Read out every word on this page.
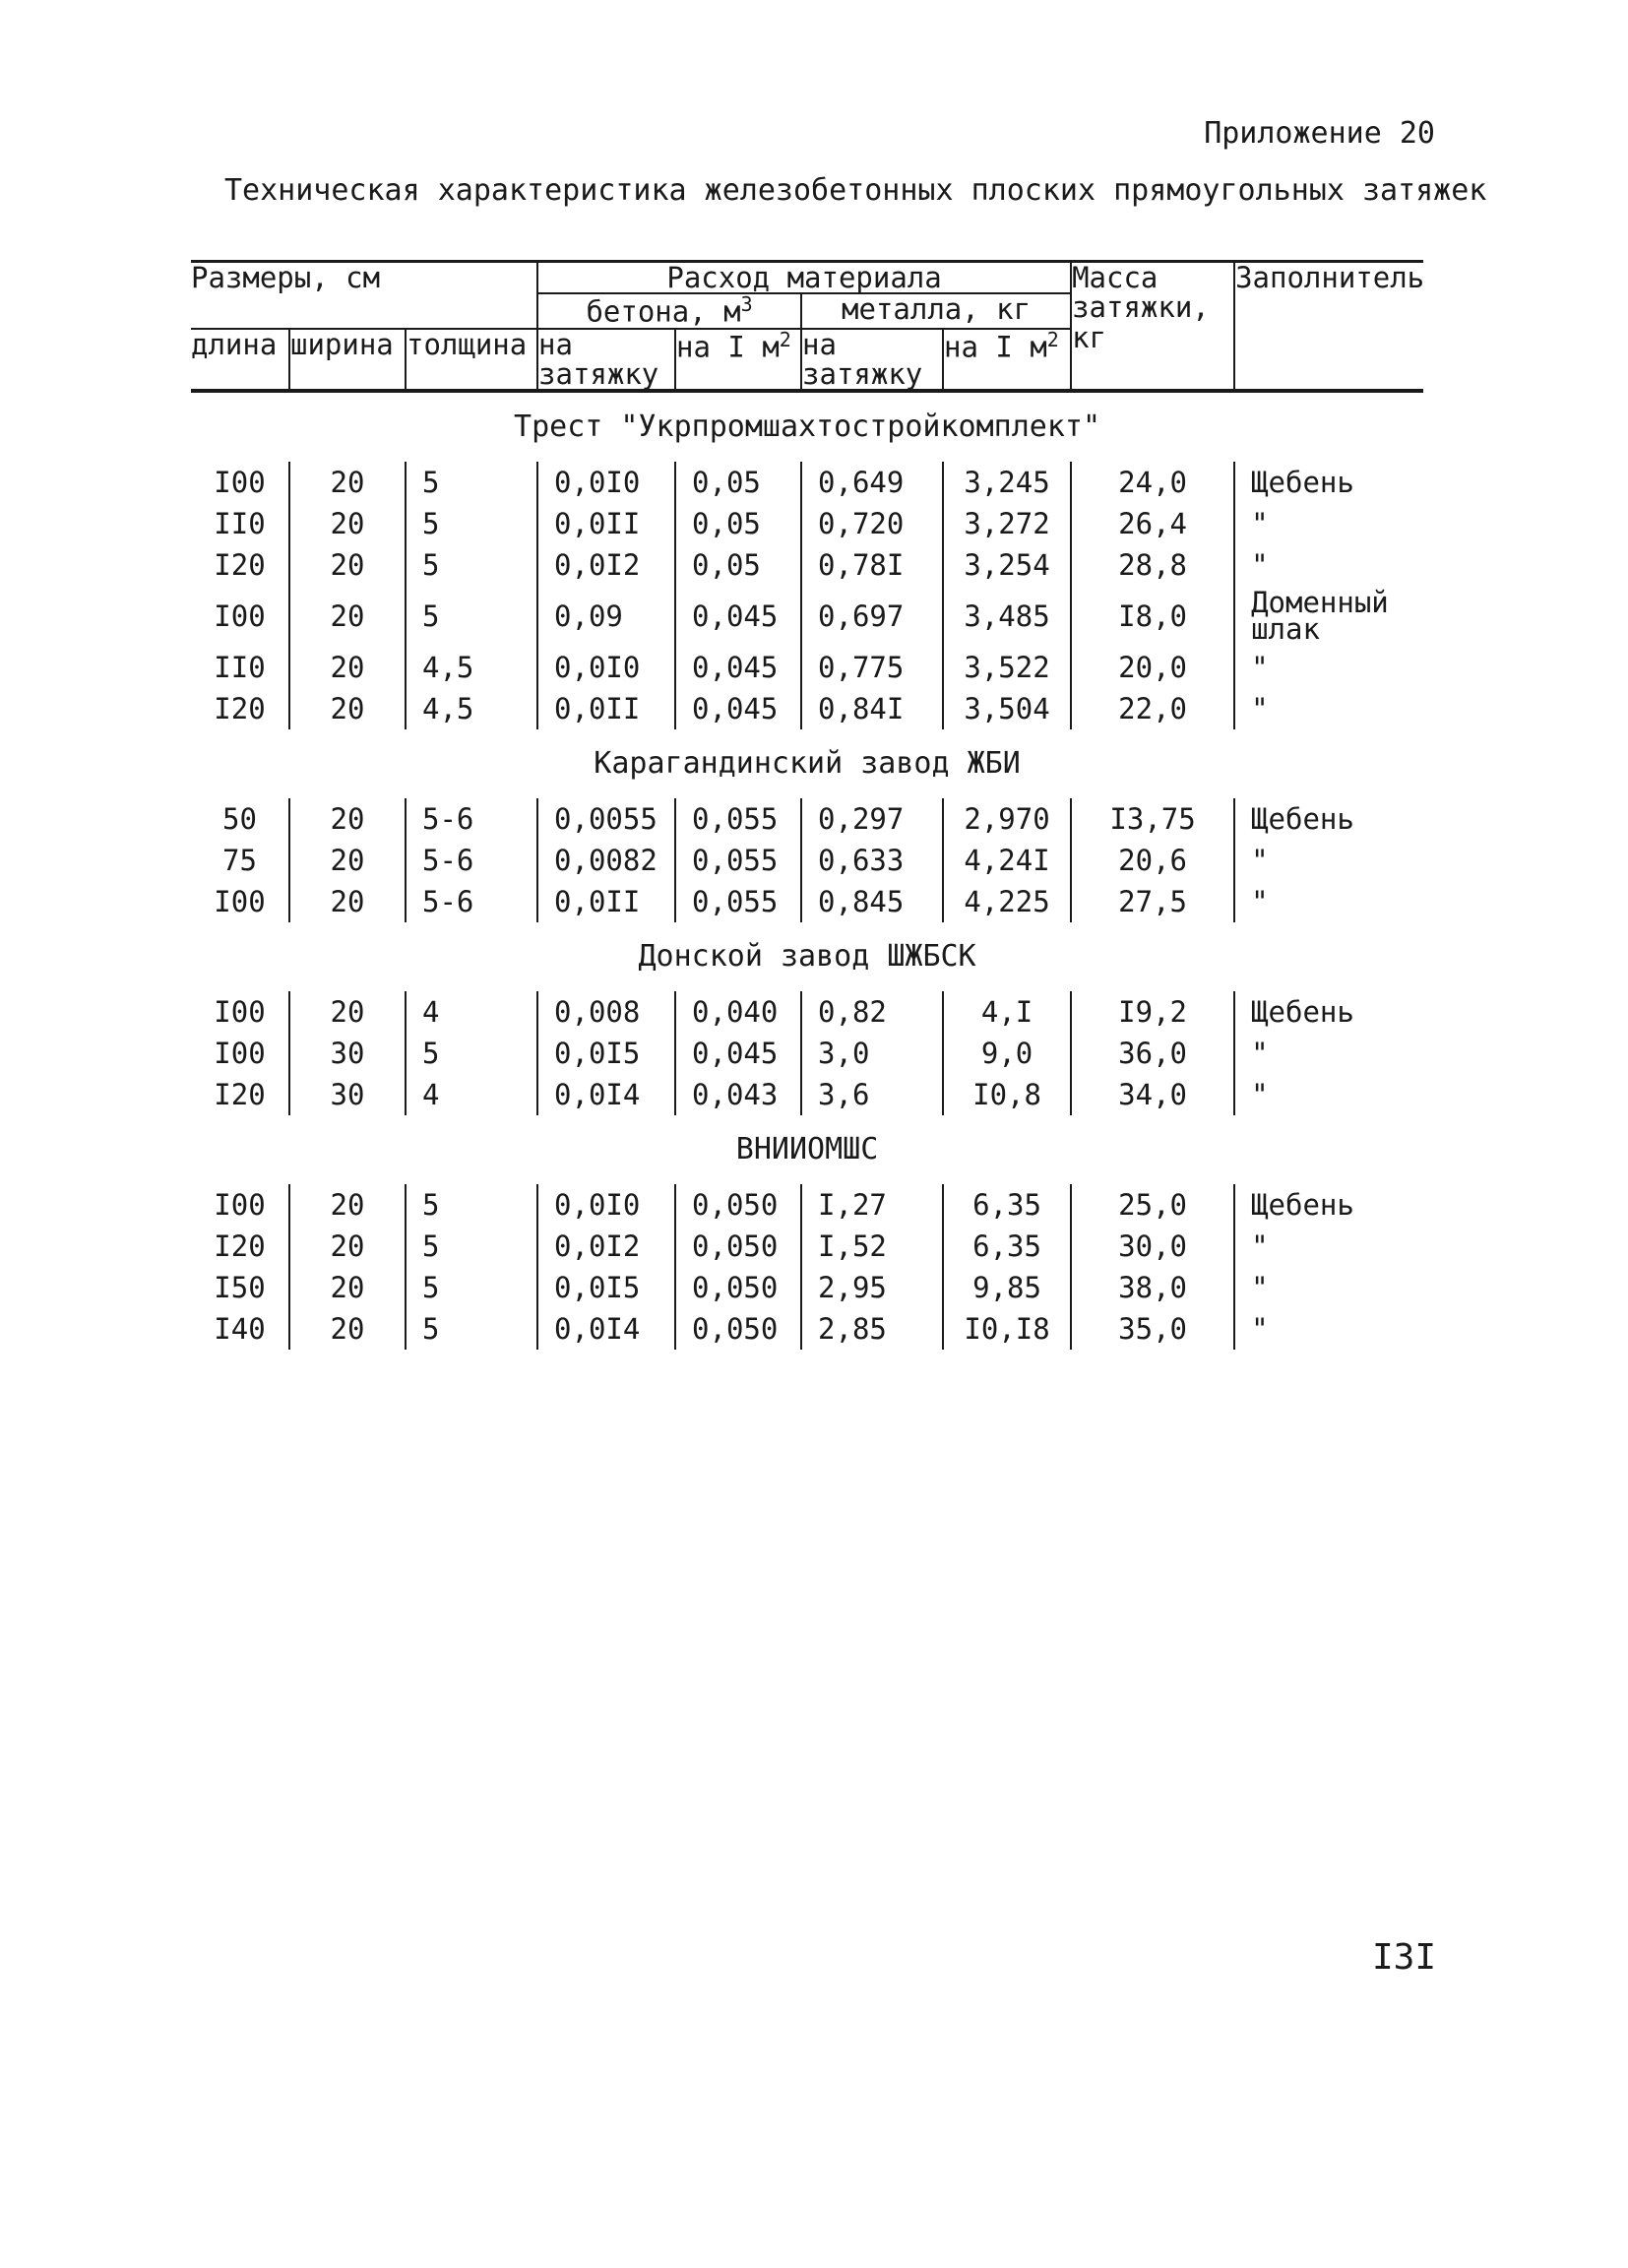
Приложение 20
Техническая характеристика железобетонных плоских прямоугольных затяжек
Размеры, см			Расход материала				Масса затяжки, кг	Заполнитель

			бетона, $м^3$		металла, кг			

длина	ширина	толщина	на затяжку	на I $м^2$	на затяжку	на I $м^2$
Трест "Укрпромшахтостройкомплект"								
I00	20	5	0,0I0	0,05	0,649	3,245	24,0	Щебень
II0	20	5	0,0II	0,05	0,720	3,272	26,4	"
I20	20	5	0,0I2	0,05	0,78I	3,254	28,8	"
I00	20	5	0,09	0,045	0,697	3,485	I8,0	Доменный шлак
II0	20	4,5	0,0I0	0,045	0,775	3,522	20,0	"
I20	20	4,5	0,0II	0,045	0,84I	3,504	22,0	"
Карагандинский завод ЖБИ								
50	20	5-6	0,0055	0,055	0,297	2,970	I3,75	Щебень
75	20	5-6	0,0082	0,055	0,633	4,24I	20,6	"
I00	20	5-6	0,0II	0,055	0,845	4,225	27,5	"
Донской завод ШЖБСК								
I00	20	4	0,008	0,040	0,82	4,I	I9,2	Щебень
I00	30	5	0,0I5	0,045	3,0	9,0	36,0	"
I20	30	4	0,0I4	0,043	3,6	I0,8	34,0	"
ВНИИОМШС								
I00	20	5	0,0I0	0,050	I,27	6,35	25,0	Щебень
I20	20	5	0,0I2	0,050	I,52	6,35	30,0	"
I50	20	5	0,0I5	0,050	2,95	9,85	38,0	"
I40	20	5	0,0I4	0,050	2,85	I0,I8	35,0	"
I3I
